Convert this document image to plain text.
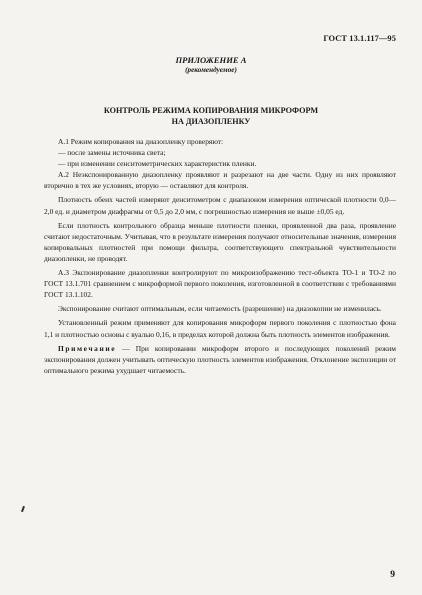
ГОСТ 13.1.117—95
ПРИЛОЖЕНИЕ А
(рекомендуемое)
КОНТРОЛЬ РЕЖИМА КОПИРОВАНИЯ МИКРОФОРМ
НА ДИАЗОПЛЕНКУ

А.1 Режим копирования на диазопленку проверяют:

— после замены источника света;

— при изменении сенситометрических характеристик пленки.

А.2 Неэкспонированную диазопленку проявляют и разрезают на две части. Одну из них проявляют вторично в тех же условиях, вторую — оставляют для контроля.

Плотность обеих частей измеряют денситометром с диапазоном измерения оптической плотности 0,0—2,0 ед. и диаметром диафрагмы от 0,5 до 2,0 мм, с погрешностью измерения не выше ±0,05 ед.

Если плотность контрольного образца меньше плотности пленки, проявленной два раза, проявление считают недостаточным. Учитывая, что в результате измерения получают относительные значения, измерения копировальных плотностей при помощи фильтра, соответствующего спектральной чувствительности диазопленки, не проводят.

А.3 Экспонирование диазопленки контролируют по микроизображению тест-объекта ТО-1 и ТО-2 по ГОСТ 13.1.701 сравнением с микроформой первого поколения, изготовленной в соответствии с требованиями ГОСТ 13.1.102.

Экспонирование считают оптимальным, если читаемость (разрешение) на диазокопии не изменилась.

Установленный режим применяют для копирования микроформ первого поколения с плотностью фона 1,1 и плотностью основы с вуалью 0,16, в пределах которой должна быть плотность элементов изображения.

Примечание — При копировании микроформ второго и последующих поколений режим экспонирования должен учитывать оптическую плотность элементов изображения. Отклонение экспозиции от оптимального режима ухудшает читаемость.

9
